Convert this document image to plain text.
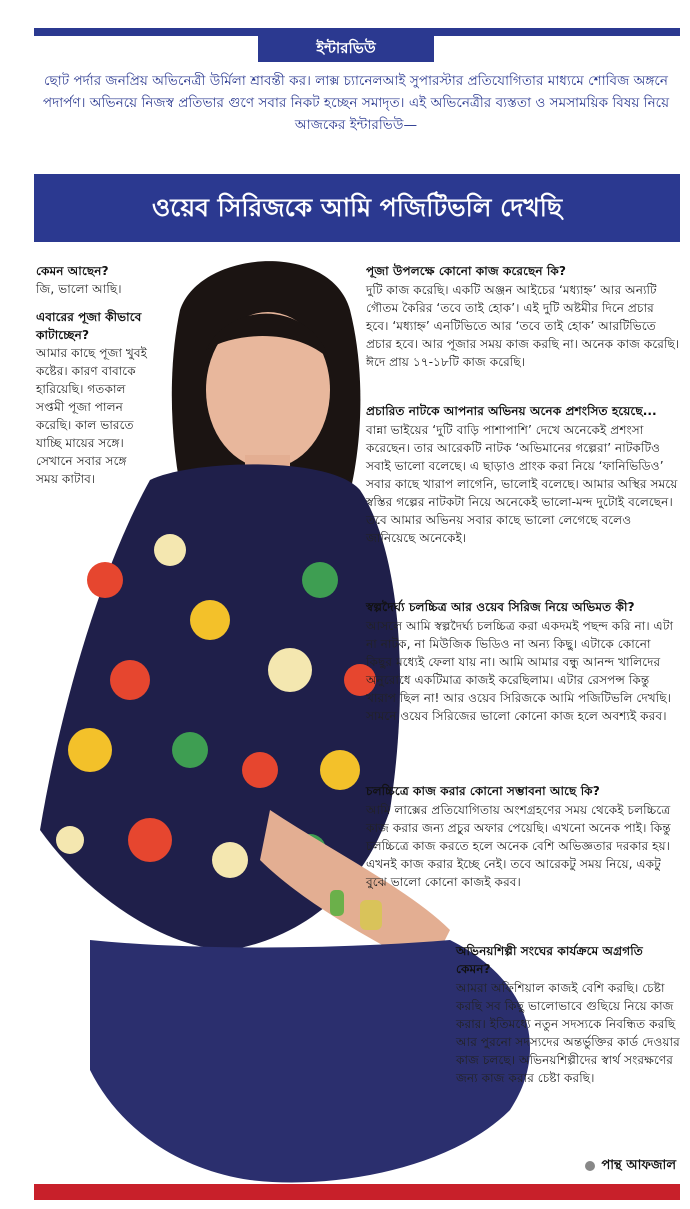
ইন্টারভিউ

ছোট পর্দার জনপ্রিয় অভিনেত্রী উর্মিলা শ্রাবন্তী কর। লাক্স চ্যানেলআই সুপারস্টার প্রতিযোগিতার মাধ্যমে শোবিজ অঙ্গনে পদার্পণ। অভিনয়ে নিজস্ব প্রতিভার গুণে সবার নিকট হচ্ছেন সমাদৃত। এই অভিনেত্রীর ব্যস্ততা ও সমসাময়িক বিষয় নিয়ে আজকের ইন্টারভিউ—

ওয়েব সিরিজকে আমি পজিটিভলি দেখছি
কেমন আছেন?
জি, ভালো আছি।
এবারের পূজা কীভাবে কাটাচ্ছেন?
আমার কাছে পূজা খুবই কষ্টের। কারণ বাবাকে হারিয়েছি। গতকাল সপ্তমী পূজা পালন করেছি। কাল ভারতে যাচ্ছি মায়ের সঙ্গে। সেখানে সবার সঙ্গে সময় কাটাব।
পূজা উপলক্ষে কোনো কাজ করেছেন কি?
দুটি কাজ করেছি। একটি অঞ্জন আইচের ‘মধ্যাহ্ন’ আর অন্যটি গৌতম কৈরির ‘তবে তাই হোক’। এই দুটি অষ্টমীর দিনে প্রচার হবে। ‘মধ্যাহ্ন’ এনটিভিতে আর ‘তবে তাই হোক’ আরটিভিতে প্রচার হবে। আর পূজার সময় কাজ করছি না। অনেক কাজ করেছি। ঈদে প্রায় ১৭-১৮টি কাজ করেছি।
প্রচারিত নাটকে আপনার অভিনয় অনেক প্রশংসিত হয়েছে...
বান্না ভাইয়ের ‘দুটি বাড়ি পাশাপাশি’ দেখে অনেকেই প্রশংসা করেছেন। তার আরেকটি নাটক ‘অভিমানের গল্পেরা’ নাটকটিও সবাই ভালো বলেছে। এ ছাড়াও প্রাংক করা নিয়ে ‘ফানিভিডিও’ সবার কাছে খারাপ লাগেনি, ভালোই বলেছে। আমার অস্থির সময়ে স্বস্তির গল্পের নাটকটা নিয়ে অনেকেই ভালো-মন্দ দুটোই বলেছেন। তবে আমার অভিনয় সবার কাছে ভালো লেগেছে বলেও জানিয়েছে অনেকেই।
স্বল্পদৈর্ঘ্য চলচ্চিত্র আর ওয়েব সিরিজ নিয়ে অভিমত কী?
আসলে আমি স্বল্পদৈর্ঘ্য চলচ্চিত্র করা একদমই পছন্দ করি না। এটা না নাটক, না মিউজিক ভিডিও না অন্য কিছু। এটাকে কোনো কিছুর মধ্যেই ফেলা যায় না। আমি আমার বন্ধু আনন্দ খালিদের অনুরোধে একটিমাত্র কাজই করেছিলাম। এটার রেসপন্স কিন্তু খারাপ ছিল না! আর ওয়েব সিরিজকে আমি পজিটিভলি দেখছি। সামনে ওয়েব সিরিজের ভালো কোনো কাজ হলে অবশ্যই করব।
চলচ্চিত্রে কাজ করার কোনো সম্ভাবনা আছে কি?
আমি লাক্সের প্রতিযোগিতায় অংশগ্রহণের সময় থেকেই চলচ্চিত্রে কাজ করার জন্য প্রচুর অফার পেয়েছি। এখনো অনেক পাই। কিন্তু চলচ্চিত্রে কাজ করতে হলে অনেক বেশি অভিজ্ঞতার দরকার হয়। এখনই কাজ করার ইচ্ছে নেই। তবে আরেকটু সময় নিয়ে, একটু বুঝে ভালো কোনো কাজই করব।
অভিনয়শিল্পী সংঘের কার্যক্রমে অগ্রগতি কেমন?
আমরা অফিশিয়াল কাজই বেশি করছি। চেষ্টা করছি সব কিছু ভালোভাবে গুছিয়ে নিয়ে কাজ করার। ইতিমধ্যে নতুন সদস্যকে নিবন্ধিত করছি আর পুরনো সদস্যদের অন্তর্ভুক্তির কার্ড দেওয়ার কাজ চলছে। অভিনয়শিল্পীদের স্বার্থ সংরক্ষণের জন্য কাজ করার চেষ্টা করছি।
পান্থ আফজাল
